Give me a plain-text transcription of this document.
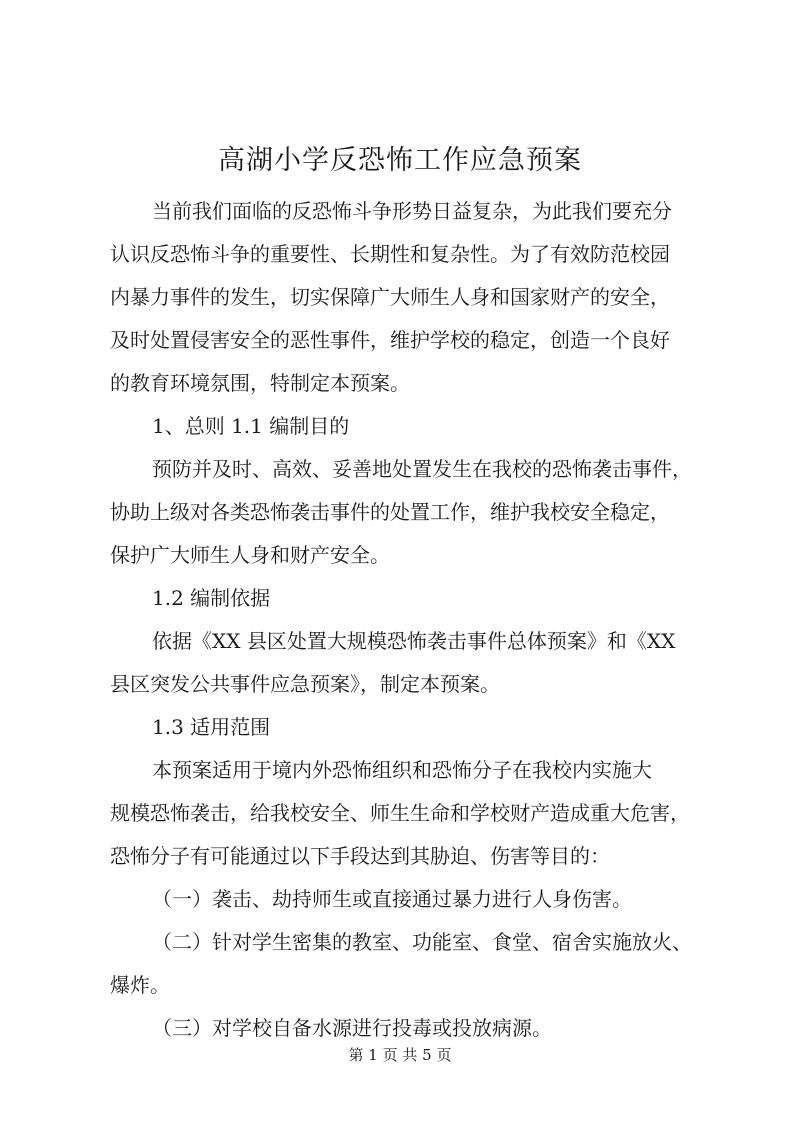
高湖小学反恐怖工作应急预案
当前我们面临的反恐怖斗争形势日益复杂，为此我们要充分
认识反恐怖斗争的重要性、长期性和复杂性。为了有效防范校园
内暴力事件的发生，切实保障广大师生人身和国家财产的安全，
及时处置侵害安全的恶性事件，维护学校的稳定，创造一个良好
的教育环境氛围，特制定本预案。
1、总则 1.1 编制目的
预防并及时、高效、妥善地处置发生在我校的恐怖袭击事件，
协助上级对各类恐怖袭击事件的处置工作，维护我校安全稳定，
保护广大师生人身和财产安全。
1.2 编制依据
依据《XX 县区处置大规模恐怖袭击事件总体预案》和《XX
县区突发公共事件应急预案》，制定本预案。
1.3 适用范围
本预案适用于境内外恐怖组织和恐怖分子在我校内实施大
规模恐怖袭击，给我校安全、师生生命和学校财产造成重大危害，
恐怖分子有可能通过以下手段达到其胁迫、伤害等目的：
（一）袭击、劫持师生或直接通过暴力进行人身伤害。
（二）针对学生密集的教室、功能室、食堂、宿舍实施放火、
爆炸。
（三）对学校自备水源进行投毒或投放病源。
第 1 页 共 5 页
